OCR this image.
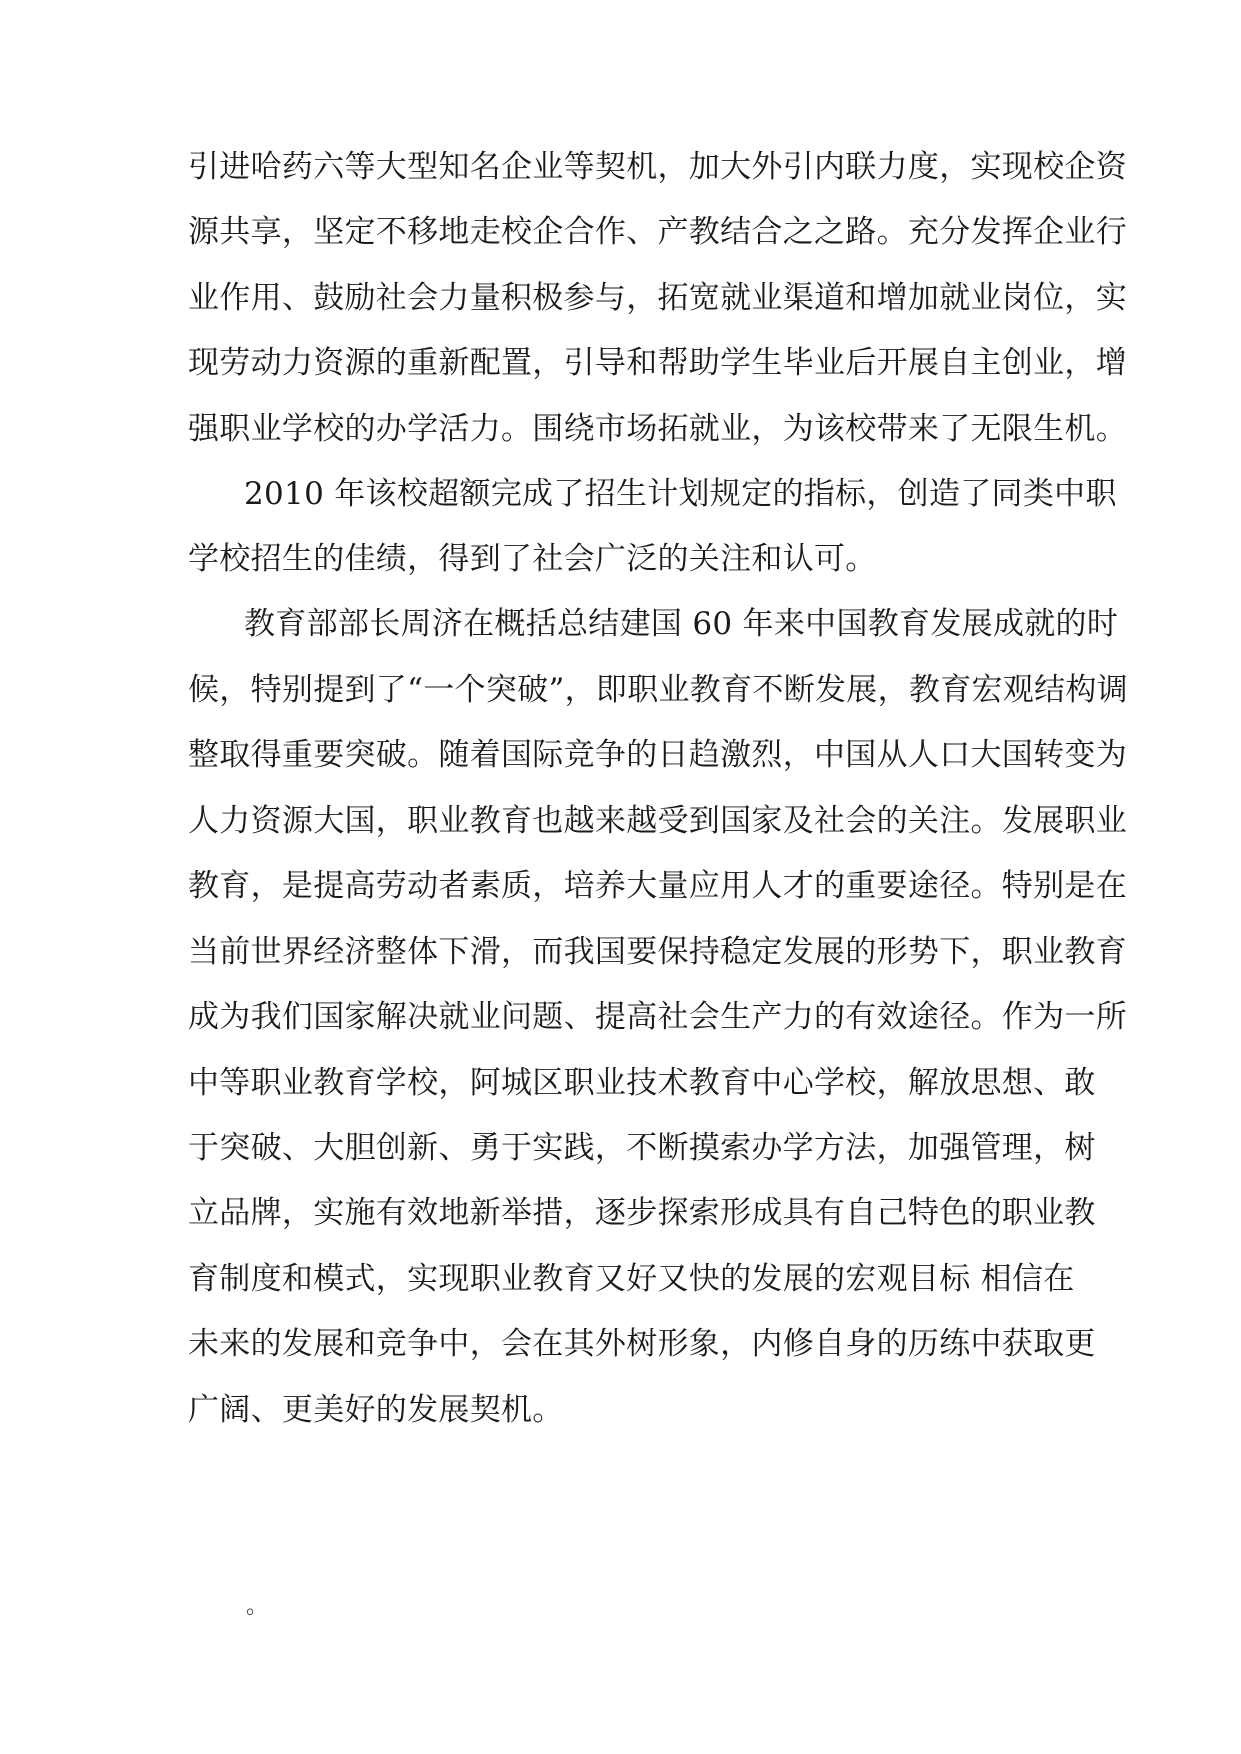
引进哈药六等大型知名企业等契机，加大外引内联力度，实现校企资
源共享，坚定不移地走校企合作、产教结合之之路。充分发挥企业行
业作用、鼓励社会力量积极参与，拓宽就业渠道和增加就业岗位，实
现劳动力资源的重新配置，引导和帮助学生毕业后开展自主创业，增
强职业学校的办学活力。围绕市场拓就业，为该校带来了无限生机。
2010 年该校超额完成了招生计划规定的指标，创造了同类中职
学校招生的佳绩，得到了社会广泛的关注和认可。
教育部部长周济在概括总结建国 60 年来中国教育发展成就的时
候，特别提到了“一个突破”，即职业教育不断发展，教育宏观结构调
整取得重要突破。随着国际竞争的日趋激烈，中国从人口大国转变为
人力资源大国，职业教育也越来越受到国家及社会的关注。发展职业
教育，是提高劳动者素质，培养大量应用人才的重要途径。特别是在
当前世界经济整体下滑，而我国要保持稳定发展的形势下，职业教育
成为我们国家解决就业问题、提高社会生产力的有效途径。作为一所
中等职业教育学校，阿城区职业技术教育中心学校，解放思想、敢
于突破、大胆创新、勇于实践，不断摸索办学方法，加强管理，树
立品牌，实施有效地新举措，逐步探索形成具有自己特色的职业教
育制度和模式，实现职业教育又好又快的发展的宏观目标 相信在
未来的发展和竞争中，会在其外树形象，内修自身的历练中获取更
广阔、更美好的发展契机。
。
